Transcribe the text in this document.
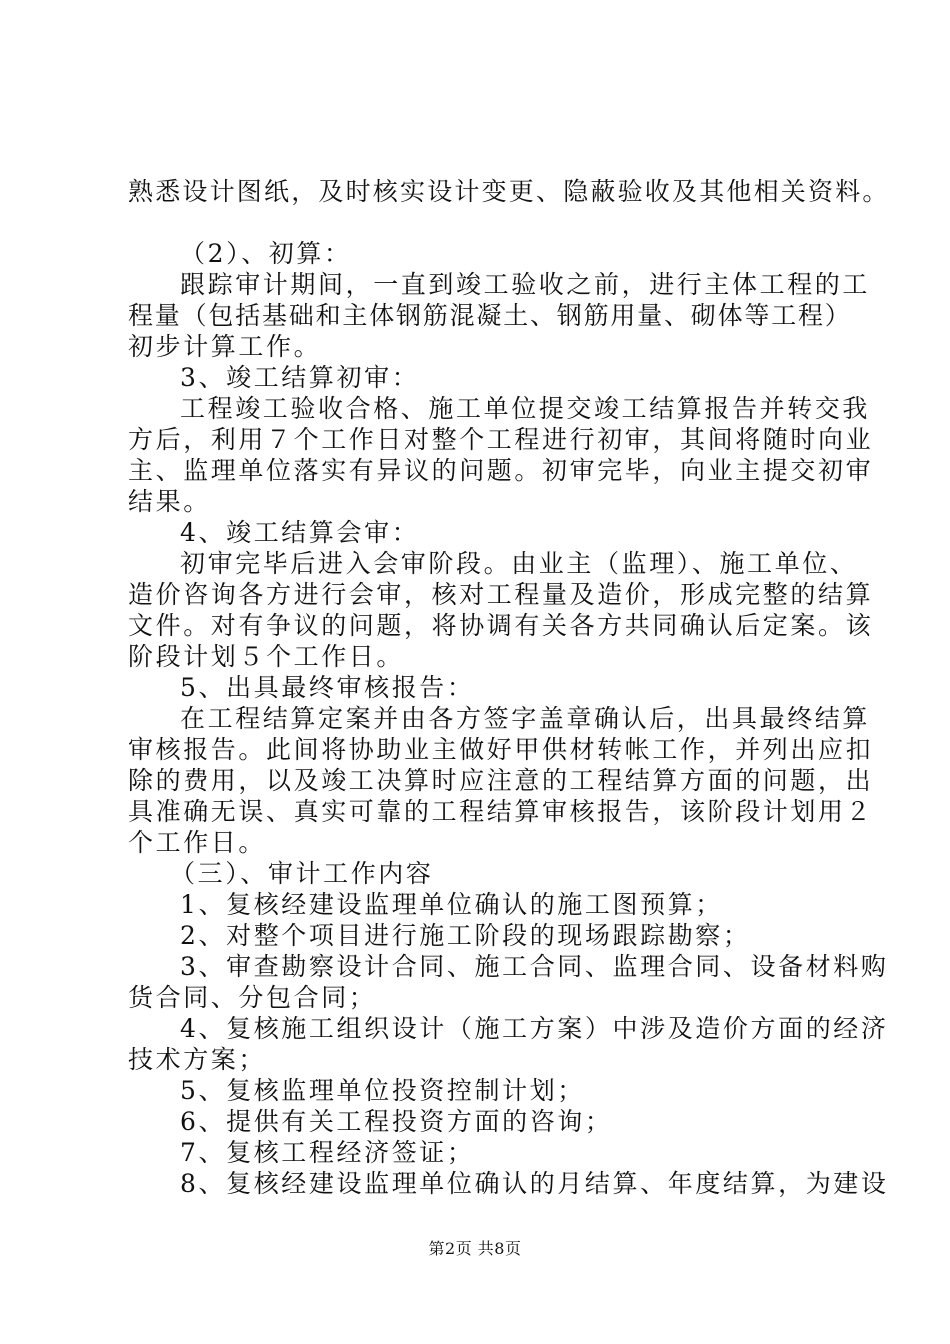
熟悉设计图纸，及时核实设计变更、隐蔽验收及其他相关资料。
（2）、初算：
跟踪审计期间，一直到竣工验收之前，进行主体工程的工
程量（包括基础和主体钢筋混凝土、钢筋用量、砌体等工程）
初步计算工作。
3、竣工结算初审：
工程竣工验收合格、施工单位提交竣工结算报告并转交我
方后，利用７个工作日对整个工程进行初审，其间将随时向业
主、监理单位落实有异议的问题。初审完毕，向业主提交初审
结果。
4、竣工结算会审：
初审完毕后进入会审阶段。由业主（监理）、施工单位、
造价咨询各方进行会审，核对工程量及造价，形成完整的结算
文件。对有争议的问题，将协调有关各方共同确认后定案。该
阶段计划５个工作日。
5、出具最终审核报告：
在工程结算定案并由各方签字盖章确认后，出具最终结算
审核报告。此间将协助业主做好甲供材转帐工作，并列出应扣
除的费用，以及竣工决算时应注意的工程结算方面的问题，出
具准确无误、真实可靠的工程结算审核报告，该阶段计划用２
个工作日。
（三）、审计工作内容
1、复核经建设监理单位确认的施工图预算；
2、对整个项目进行施工阶段的现场跟踪勘察；
3、审查勘察设计合同、施工合同、监理合同、设备材料购
货合同、分包合同；
4、复核施工组织设计（施工方案）中涉及造价方面的经济
技术方案；
5、复核监理单位投资控制计划；
6、提供有关工程投资方面的咨询；
7、复核工程经济签证；
8、复核经建设监理单位确认的月结算、年度结算，为建设
第2页 共8页
